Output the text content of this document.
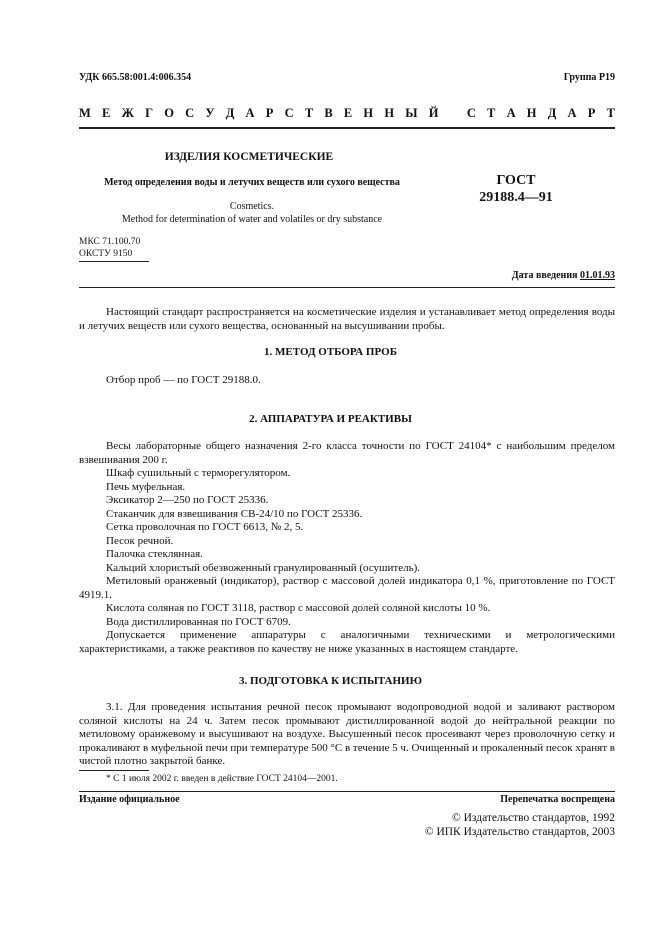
УДК 665.58:001.4:006.354	Группа Р19
М Е Ж Г О С У Д А Р С Т В Е Н Н Ы Й С Т А Н Д А Р Т
ИЗДЕЛИЯ КОСМЕТИЧЕСКИЕ
Метод определения воды и летучих веществ или сухого вещества
Cosmetics.
Method for determination of water and volatiles or dry substance
ГОСТ
29188.4—91
МКС 71.100.70
ОКСТУ 9150
Дата введения 01.01.93
Настоящий стандарт распространяется на косметические изделия и устанавливает метод определения воды и летучих веществ или сухого вещества, основанный на высушивании пробы.
1. МЕТОД ОТБОРА ПРОБ
Отбор проб — по ГОСТ 29188.0.
2. АППАРАТУРА И РЕАКТИВЫ
Весы лабораторные общего назначения 2-го класса точности по ГОСТ 24104* с наибольшим пределом взвешивания 200 г.
Шкаф сушильный с терморегулятором.
Печь муфельная.
Эксикатор 2—250 по ГОСТ 25336.
Стаканчик для взвешивания СВ-24/10 по ГОСТ 25336.
Сетка проволочная по ГОСТ 6613, № 2, 5.
Песок речной.
Палочка стеклянная.
Кальций хлористый обезвоженный гранулированный (осушитель).
Метиловый оранжевый (индикатор), раствор с массовой долей индикатора 0,1 %, приготовление по ГОСТ 4919.1.
Кислота соляная по ГОСТ 3118, раствор с массовой долей соляной кислоты 10 %.
Вода дистиллированная по ГОСТ 6709.
Допускается применение аппаратуры с аналогичными техническими и метрологическими характеристиками, а также реактивов по качеству не ниже указанных в настоящем стандарте.
3. ПОДГОТОВКА К ИСПЫТАНИЮ
3.1. Для проведения испытания речной песок промывают водопроводной водой и заливают раствором соляной кислоты на 24 ч. Затем песок промывают дистиллированной водой до нейтральной реакции по метиловому оранжевому и высушивают на воздухе. Высушенный песок просеивают через проволочную сетку и прокаливают в муфельной печи при температуре 500 °С в течение 5 ч. Очищенный и прокаленный песок хранят в чистой плотно закрытой банке.
* С 1 июля 2002 г. введен в действие ГОСТ 24104—2001.
Издание официальное	Перепечатка воспрещена
© Издательство стандартов, 1992
© ИПК Издательство стандартов, 2003
